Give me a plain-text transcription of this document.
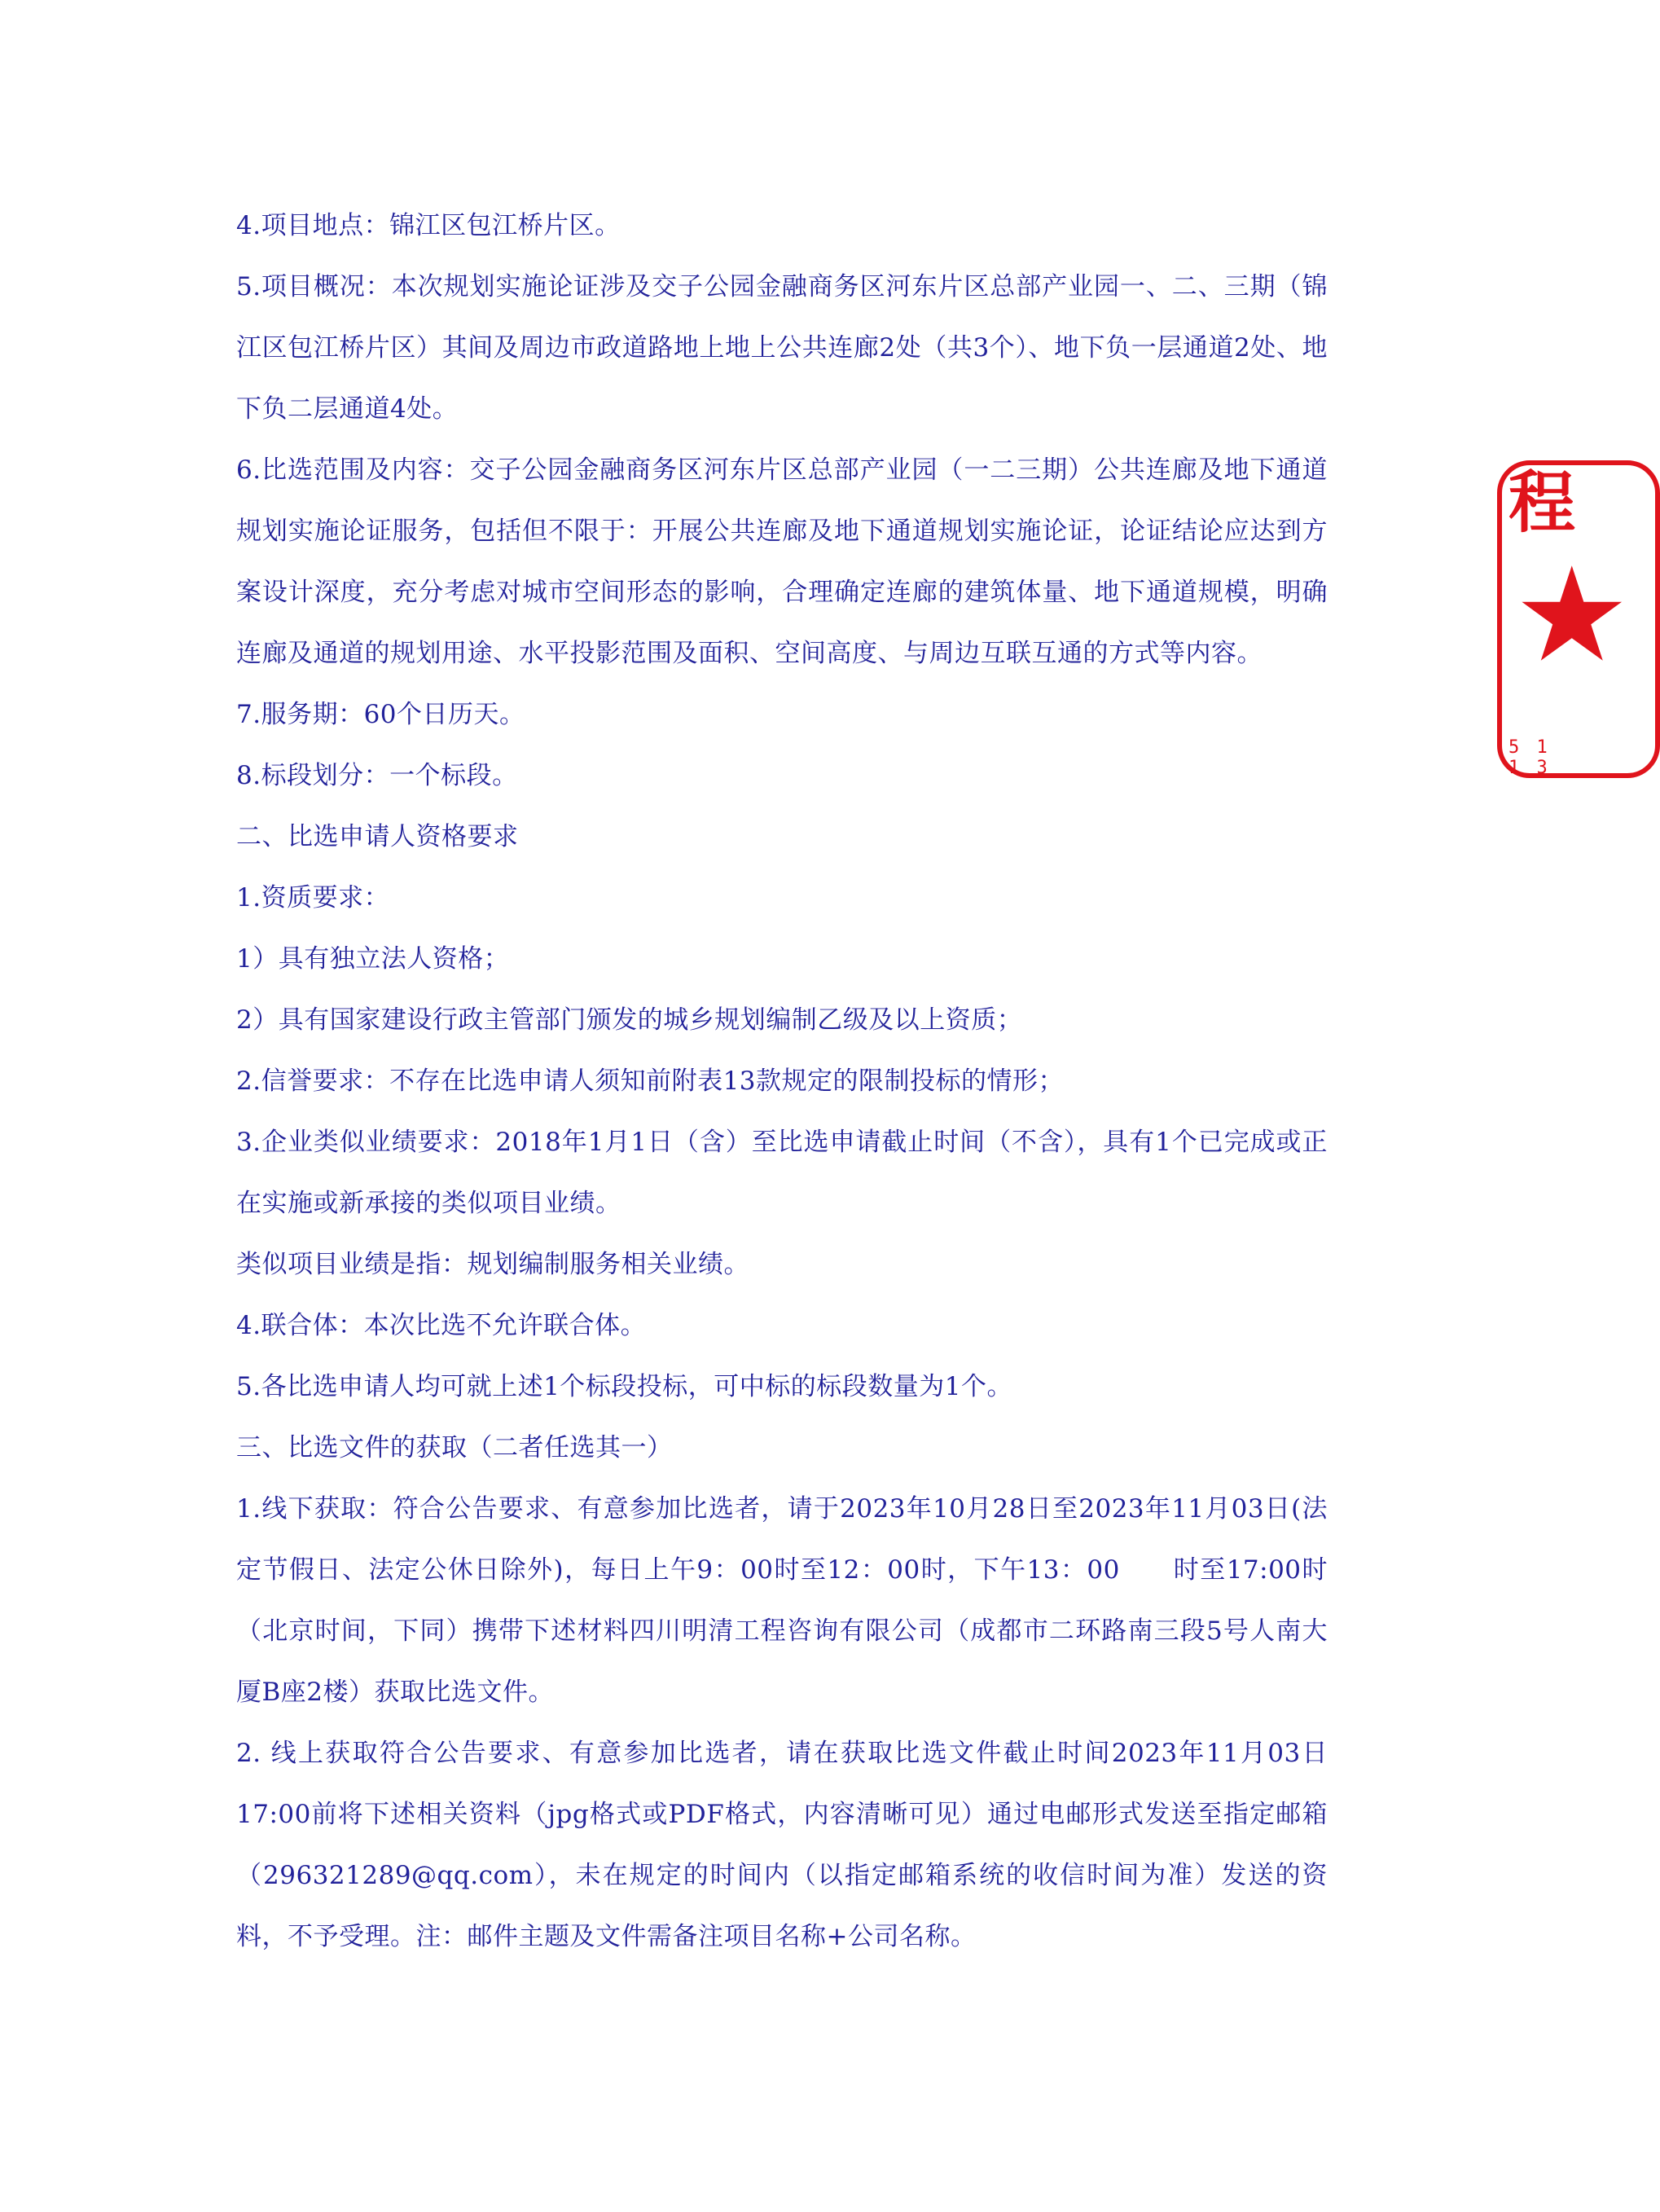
4.项目地点：锦江区包江桥片区。

5.项目概况：本次规划实施论证涉及交子公园金融商务区河东片区总部产业园一、二、三期（锦江区包江桥片区）其间及周边市政道路地上地上公共连廊2处（共3个）、地下负一层通道2处、地下负二层通道4处。

6.比选范围及内容：交子公园金融商务区河东片区总部产业园（一二三期）公共连廊及地下通道规划实施论证服务，包括但不限于：开展公共连廊及地下通道规划实施论证，论证结论应达到方案设计深度，充分考虑对城市空间形态的影响，合理确定连廊的建筑体量、地下通道规模，明确连廊及通道的规划用途、水平投影范围及面积、空间高度、与周边互联互通的方式等内容。

7.服务期：60个日历天。

8.标段划分：一个标段。

二、比选申请人资格要求

1.资质要求：

1）具有独立法人资格；

2）具有国家建设行政主管部门颁发的城乡规划编制乙级及以上资质；

2.信誉要求：不存在比选申请人须知前附表13款规定的限制投标的情形；

3.企业类似业绩要求：2018年1月1日（含）至比选申请截止时间（不含），具有1个已完成或正在实施或新承接的类似项目业绩。

类似项目业绩是指：规划编制服务相关业绩。

4.联合体：本次比选不允许联合体。

5.各比选申请人均可就上述1个标段投标，可中标的标段数量为1个。

三、比选文件的获取（二者任选其一）

1.线下获取：符合公告要求、有意参加比选者，请于2023年10月28日至2023年11月03日(法定节假日、法定公休日除外)，每日上午9：00时至12：00时，下午13：00　　时至17:00时（北京时间，下同）携带下述材料四川明清工程咨询有限公司（成都市二环路南三段5号人南大厦B座2楼）获取比选文件。

2. 线上获取符合公告要求、有意参加比选者，请在获取比选文件截止时间2023年11月03日17:00前将下述相关资料（jpg格式或PDF格式，内容清晰可见）通过电邮形式发送至指定邮箱（296321289@qq.com），未在规定的时间内（以指定邮箱系统的收信时间为准）发送的资料，不予受理。注：邮件主题及文件需备注项目名称+公司名称。

程
★
5 1 1 3
